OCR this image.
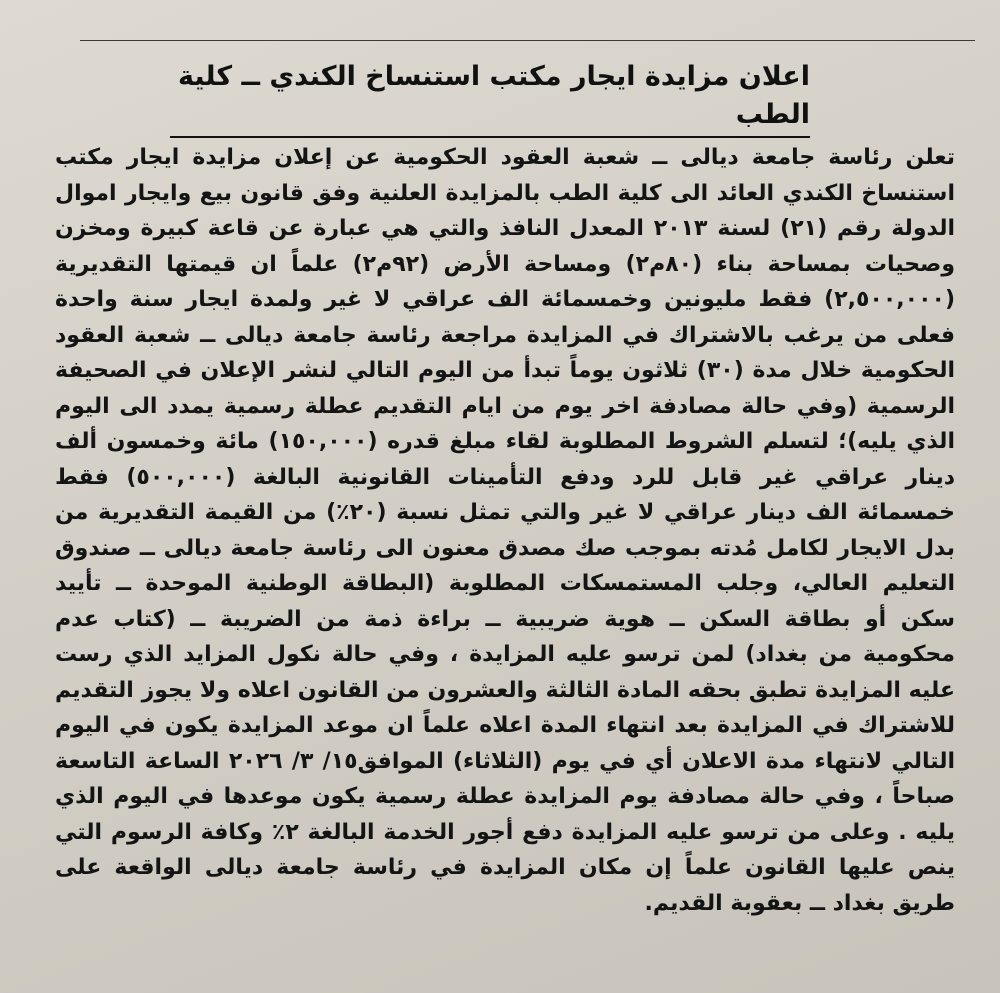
اعلان مزايدة ايجار مكتب استنساخ الكندي ــ كلية الطب

تعلن رئاسة جامعة ديالى ــ شعبة العقود الحكومية عن إعلان مزايدة ايجار مكتب استنساخ الكندي العائد الى كلية الطب بالمزايدة العلنية وفق قانون بيع وايجار اموال الدولة رقم (٢١) لسنة ٢٠١٣ المعدل النافذ والتي هي عبارة عن قاعة كبيرة ومخزن وصحيات بمساحة بناء (٨٠م٢) ومساحة الأرض (٩٢م٢) علماً ان قيمتها التقديرية (٢,٥٠٠,٠٠٠) فقط مليونين وخمسمائة الف عراقي لا غير ولمدة ايجار سنة واحدة فعلى من يرغب بالاشتراك في المزايدة مراجعة رئاسة جامعة ديالى ــ شعبة العقود الحكومية خلال مدة (٣٠) ثلاثون يوماً تبدأ من اليوم التالي لنشر الإعلان في الصحيفة الرسمية (وفي حالة مصادفة اخر يوم من ايام التقديم عطلة رسمية يمدد الى اليوم الذي يليه)؛ لتسلم الشروط المطلوبة لقاء مبلغ قدره (١٥٠,٠٠٠) مائة وخمسون ألف دينار عراقي غير قابل للرد ودفع التأمينات القانونية البالغة (٥٠٠,٠٠٠) فقط خمسمائة الف دينار عراقي لا غير والتي تمثل نسبة (٢٠٪) من القيمة التقديرية من بدل الايجار لكامل مُدته بموجب صك مصدق معنون الى رئاسة جامعة ديالى ــ صندوق التعليم العالي، وجلب المستمسكات المطلوبة (البطاقة الوطنية الموحدة ــ تأييد سكن أو بطاقة السكن ــ هوية ضريبية ــ براءة ذمة من الضريبة ــ (كتاب عدم محكومية من بغداد) لمن ترسو عليه المزايدة ، وفي حالة نكول المزايد الذي رست عليه المزايدة تطبق بحقه المادة الثالثة والعشرون من القانون اعلاه ولا يجوز التقديم للاشتراك في المزايدة بعد انتهاء المدة اعلاه علماً ان موعد المزايدة يكون في اليوم التالي لانتهاء مدة الاعلان أي في يوم (الثلاثاء) الموافق١٥/ ٣/ ٢٠٢٦ الساعة التاسعة صباحاً ، وفي حالة مصادفة يوم المزايدة عطلة رسمية يكون موعدها في اليوم الذي يليه . وعلى من ترسو عليه المزايدة دفع أجور الخدمة البالغة ٢٪ وكافة الرسوم التي ينص عليها القانون علماً إن مكان المزايدة في رئاسة جامعة ديالى الواقعة على طريق بغداد ــ بعقوبة القديم.
